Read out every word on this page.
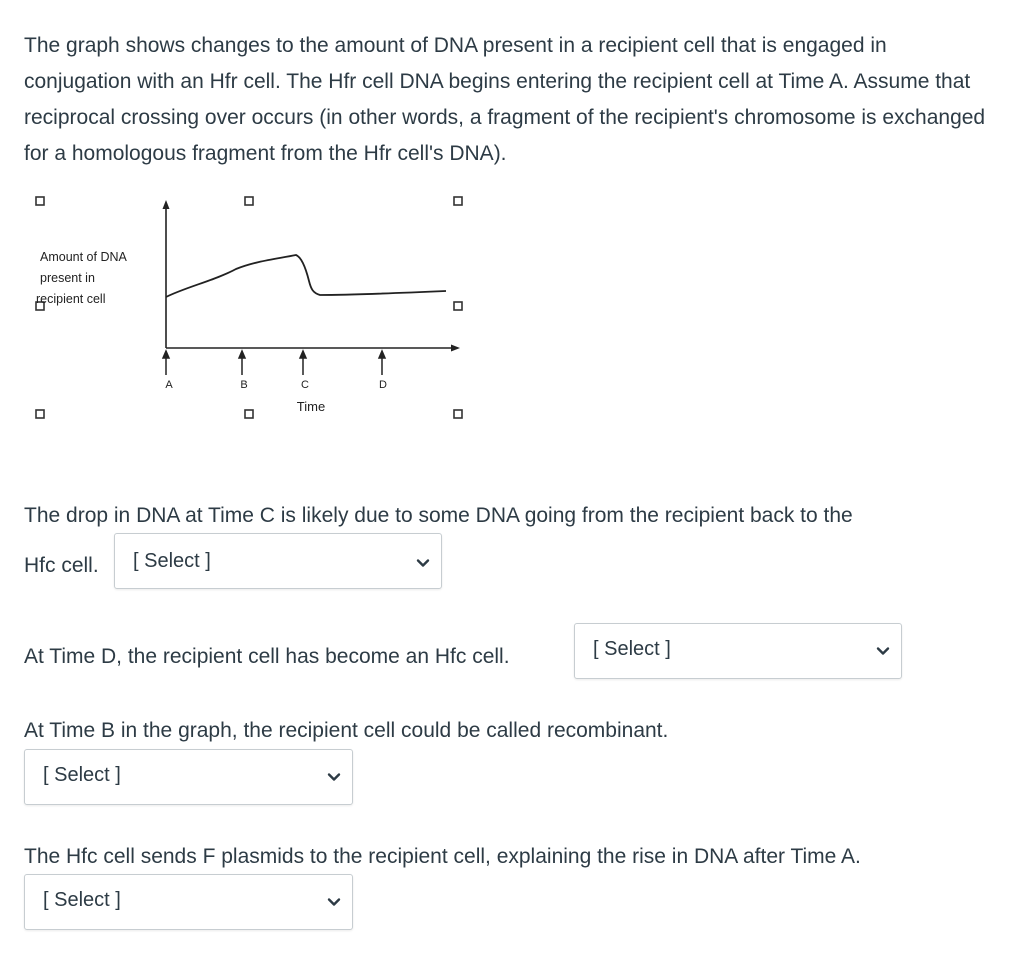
The graph shows changes to the amount of DNA present in a recipient cell that is engaged in conjugation with an Hfr cell. The Hfr cell DNA begins entering the recipient cell at Time A. Assume that reciprocal crossing over occurs (in other words, a fragment of the recipient's chromosome is exchanged for a homologous fragment from the Hfr cell's DNA).

Amount of DNA
present in
recipient cell
A	B	C	D
Time

The drop in DNA at Time C is likely due to some DNA going from the recipient back to the

Hfc cell. [ Select ]

At Time D, the recipient cell has become an Hfc cell.	[ Select ]

At Time B in the graph, the recipient cell could be called recombinant.

[ Select ]

The Hfc cell sends F plasmids to the recipient cell, explaining the rise in DNA after Time A.

[ Select ]
